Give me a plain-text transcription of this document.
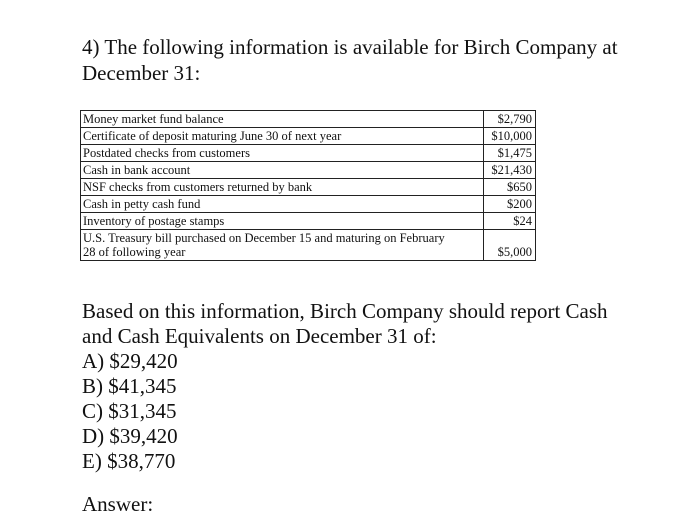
4) The following information is available for Birch Company at
December 31:
Money market fund balance	$2,790
Certificate of deposit maturing June 30 of next year	$10,000
Postdated checks from customers	$1,475
Cash in bank account	$21,430
NSF checks from customers returned by bank	$650
Cash in petty cash fund	$200
Inventory of postage stamps	$24

U.S. Treasury bill purchased on December 15 and maturing on February
28 of following year	$5,000
Based on this information, Birch Company should report Cash
and Cash Equivalents on December 31 of:
A) $29,420
B) $41,345
C) $31,345
D) $39,420
E) $38,770
Answer:
